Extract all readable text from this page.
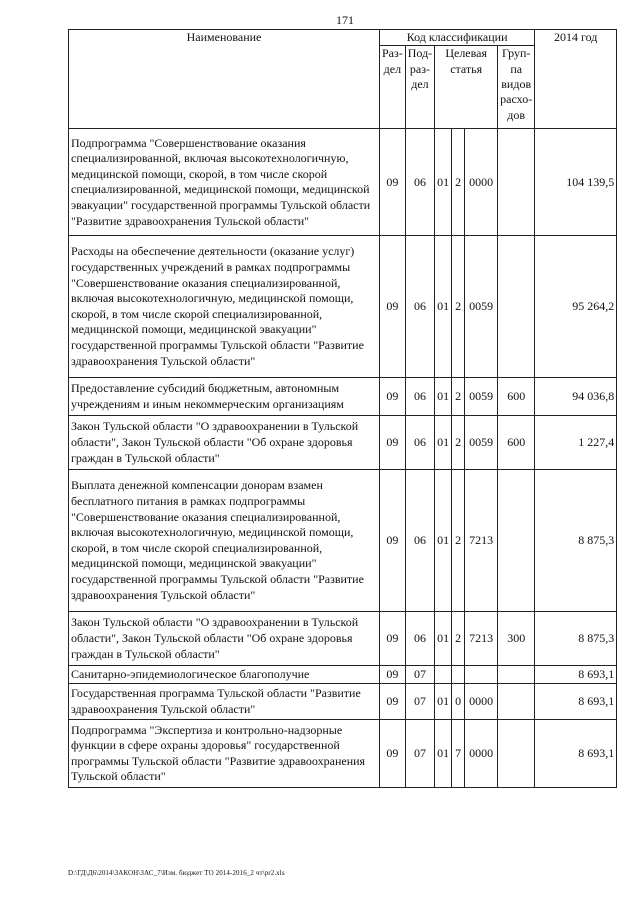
171
Наименование	Код классификации						2014 год
	Раз-дел	Под-раз-дел	Целевая статья			Груп-па видов расхо-дов	
Подпрограмма "Совершенствование оказания специализированной, включая высокотехнологичную, медицинской помощи, скорой, в том числе скорой специализированной, медицинской помощи, медицинской эвакуации" государственной программы Тульской области "Развитие здравоохранения Тульской области"	09	06	01	2	0000		104 139,5
Расходы на обеспечение деятельности (оказание услуг) государственных учреждений в рамках подпрограммы "Совершенствование оказания специализированной, включая высокотехнологичную, медицинской помощи, скорой, в том числе скорой специализированной, медицинской помощи, медицинской эвакуации" государственной программы Тульской области "Развитие здравоохранения Тульской области"	09	06	01	2	0059		95 264,2
Предоставление субсидий бюджетным, автономным учреждениям и иным некоммерческим организациям	09	06	01	2	0059	600	94 036,8
Закон Тульской области "О здравоохранении в Тульской области", Закон Тульской области "Об охране здоровья граждан в Тульской области"	09	06	01	2	0059	600	1 227,4
Выплата денежной компенсации донорам взамен бесплатного питания в рамках подпрограммы "Совершенствование оказания специализированной, включая высокотехнологичную, медицинской помощи, скорой, в том числе скорой специализированной, медицинской помощи, медицинской эвакуации" государственной программы Тульской области "Развитие здравоохранения Тульской области"	09	06	01	2	7213		8 875,3
Закон Тульской области "О здравоохранении в Тульской области", Закон Тульской области "Об охране здоровья граждан в Тульской области"	09	06	01	2	7213	300	8 875,3
Санитарно-эпидемиологическое благополучие	09	07					8 693,1
Государственная программа Тульской области "Развитие здравоохранения Тульской области"	09	07	01	0	0000		8 693,1
Подпрограмма "Экспертиза и контрольно-надзорные функции в сфере охраны здоровья" государственной программы Тульской области "Развитие здравоохранения Тульской области"	09	07	01	7	0000		8 693,1
D:\ГД\Д6\2014\ЗАКОН\ЗАС_7\Изм. бюджет ТО 2014-2016_2 чт\pr2.xls
